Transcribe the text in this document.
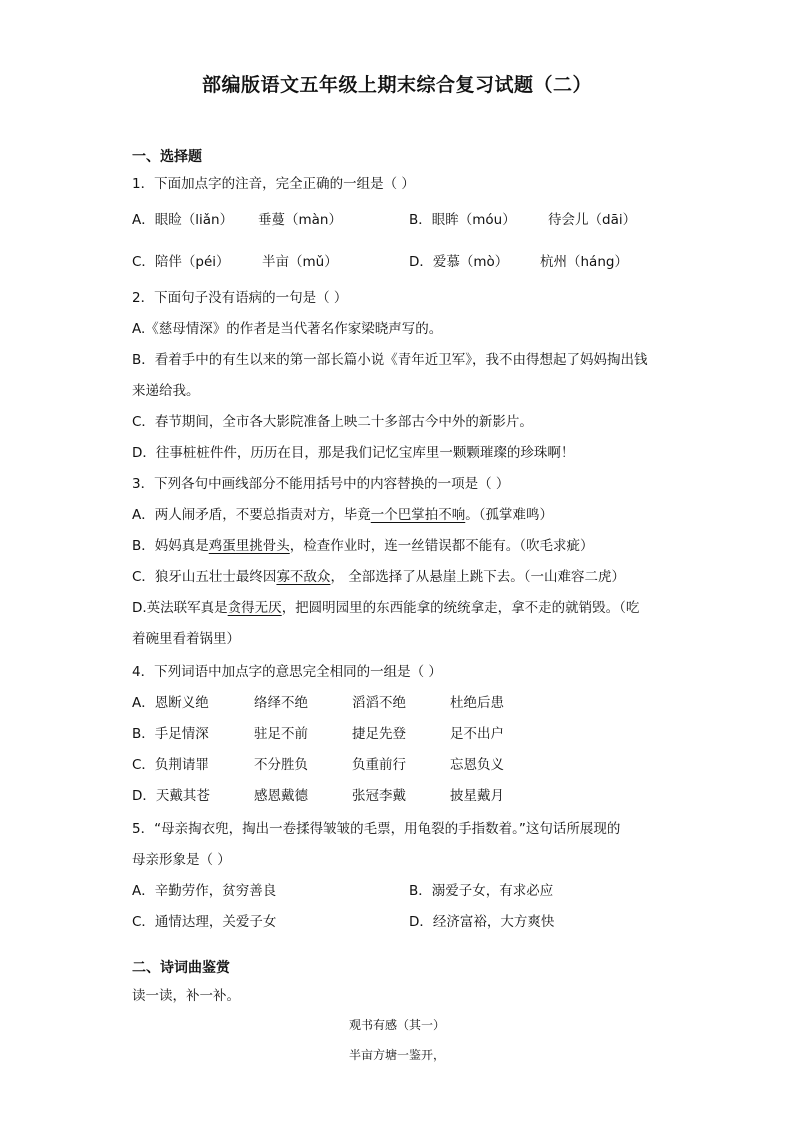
部编版语文五年级上期末综合复习试题（二）
一、选择题
1．下面加点字的注音，完全正确的一组是（ ）
A．眼睑（liǎn） 垂蔓（màn）	B．眼眸（móu） 待会儿（dāi）
C．陪伴（péi） 半亩（mǔ）	D．爱慕（mò） 杭州（háng）
2．下面句子没有语病的一句是（ ）
A.《慈母情深》的作者是当代著名作家梁晓声写的。
B．看着手中的有生以来的第一部长篇小说《青年近卫军》，我不由得想起了妈妈掏出钱
来递给我。
C．春节期间，全市各大影院准备上映二十多部古今中外的新影片。
D．往事桩桩件件，历历在目，那是我们记忆宝库里一颗颗璀璨的珍珠啊！
3．下列各句中画线部分不能用括号中的内容替换的一项是（ ）
A．两人闹矛盾，不要总指责对方，毕竟一个巴掌拍不响。（孤掌难鸣）
B．妈妈真是鸡蛋里挑骨头，检查作业时，连一丝错误都不能有。（吹毛求疵）
C．狼牙山五壮士最终因寡不敌众， 全部选择了从悬崖上跳下去。（一山难容二虎）
D.英法联军真是贪得无厌，把圆明园里的东西能拿的统统拿走，拿不走的就销毁。（吃
着碗里看着锅里）
4．下列词语中加点字的意思完全相同的一组是（ ）
A．恩断义绝	络绎不绝	滔滔不绝	杜绝后患
B．手足情深	驻足不前	捷足先登	足不出户
C．负荆请罪	不分胜负	负重前行	忘恩负义
D．天戴其苍	感恩戴德	张冠李戴	披星戴月
5．“母亲掏衣兜，掏出一卷揉得皱皱的毛票，用龟裂的手指数着。”这句话所展现的
母亲形象是（ ）
A．辛勤劳作，贫穷善良	B．溺爱子女，有求必应
C．通情达理，关爱子女	D．经济富裕，大方爽快
二、诗词曲鉴赏
读一读，补一补。
观书有感（其一）
半亩方塘一鉴开，
